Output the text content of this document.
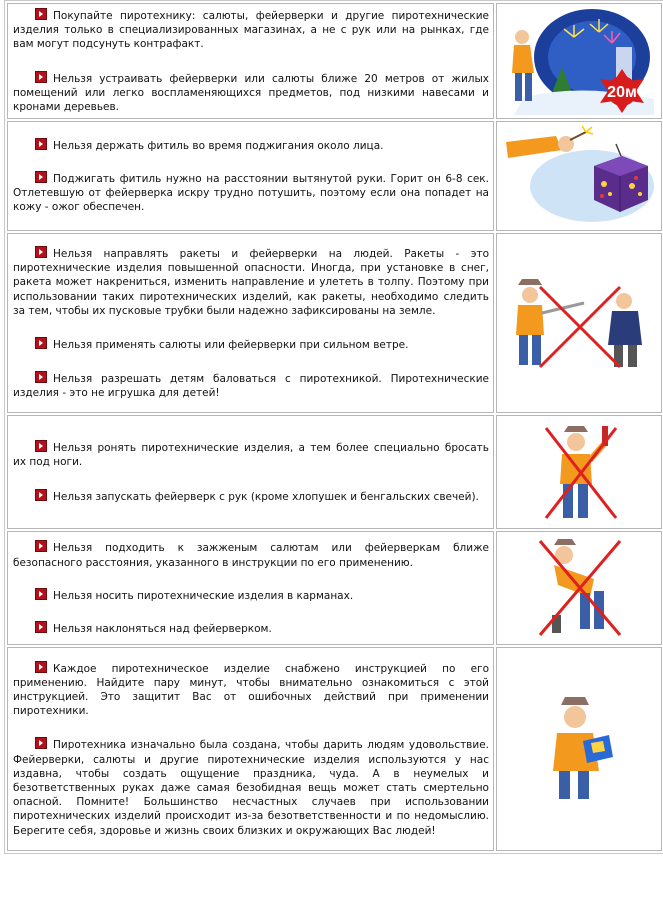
Покупайте пиротехнику: салюты, фейерверки и другие пиротехнические изделия только в специализированных магазинах, а не с рук или на рынках, где вам могут подсунуть контрафакт.

Нельзя устраивать фейерверки или салюты ближе 20 метров от жилых помещений или легко воспламеняющихся предметов, под низкими навесами и кронами деревьев.	20м

Нельзя держать фитиль во время поджигания около лица.

Поджигать фитиль нужно на расстоянии вытянутой руки. Горит он 6-8 сек. Отлетевшую от фейерверка искру трудно потушить, поэтому если она попадет на кожу - ожог обеспечен.

Нельзя направлять ракеты и фейерверки на людей. Ракеты - это пиротехнические изделия повышенной опасности. Иногда, при установке в снег, ракета может накрениться, изменить направление и улететь в толпу. Поэтому при использовании таких пиротехнических изделий, как ракеты, необходимо следить за тем, чтобы их пусковые трубки были надежно зафиксированы на земле.

Нельзя применять салюты или фейерверки при сильном ветре.

Нельзя разрешать детям баловаться с пиротехникой. Пиротехнические изделия - это не игрушка для детей!

Нельзя ронять пиротехнические изделия, а тем более специально бросать их под ноги.

Нельзя запускать фейерверк с рук (кроме хлопушек и бенгальских свечей).

Нельзя подходить к зажженым салютам или фейерверкам ближе безопасного расстояния, указанного в инструкции по его применению.

Нельзя носить пиротехнические изделия в карманах.

Нельзя наклоняться над фейерверком.

Каждое пиротехническое изделие снабжено инструкцией по его применению. Найдите пару минут, чтобы внимательно ознакомиться с этой инструкцией. Это защитит Вас от ошибочных действий при применении пиротехники.

Пиротехника изначально была создана, чтобы дарить людям удовольствие. Фейерверки, салюты и другие пиротехнические изделия используются у нас издавна, чтобы создать ощущение праздника, чуда. А в неумелых и безответственных руках даже самая безобидная вещь может стать смертельно опасной. Помните! Большинство несчастных случаев при использовании пиротехнических изделий происходит из-за безответственности и по недомыслию. Берегите себя, здоровье и жизнь своих близких и окружающих Вас людей!
